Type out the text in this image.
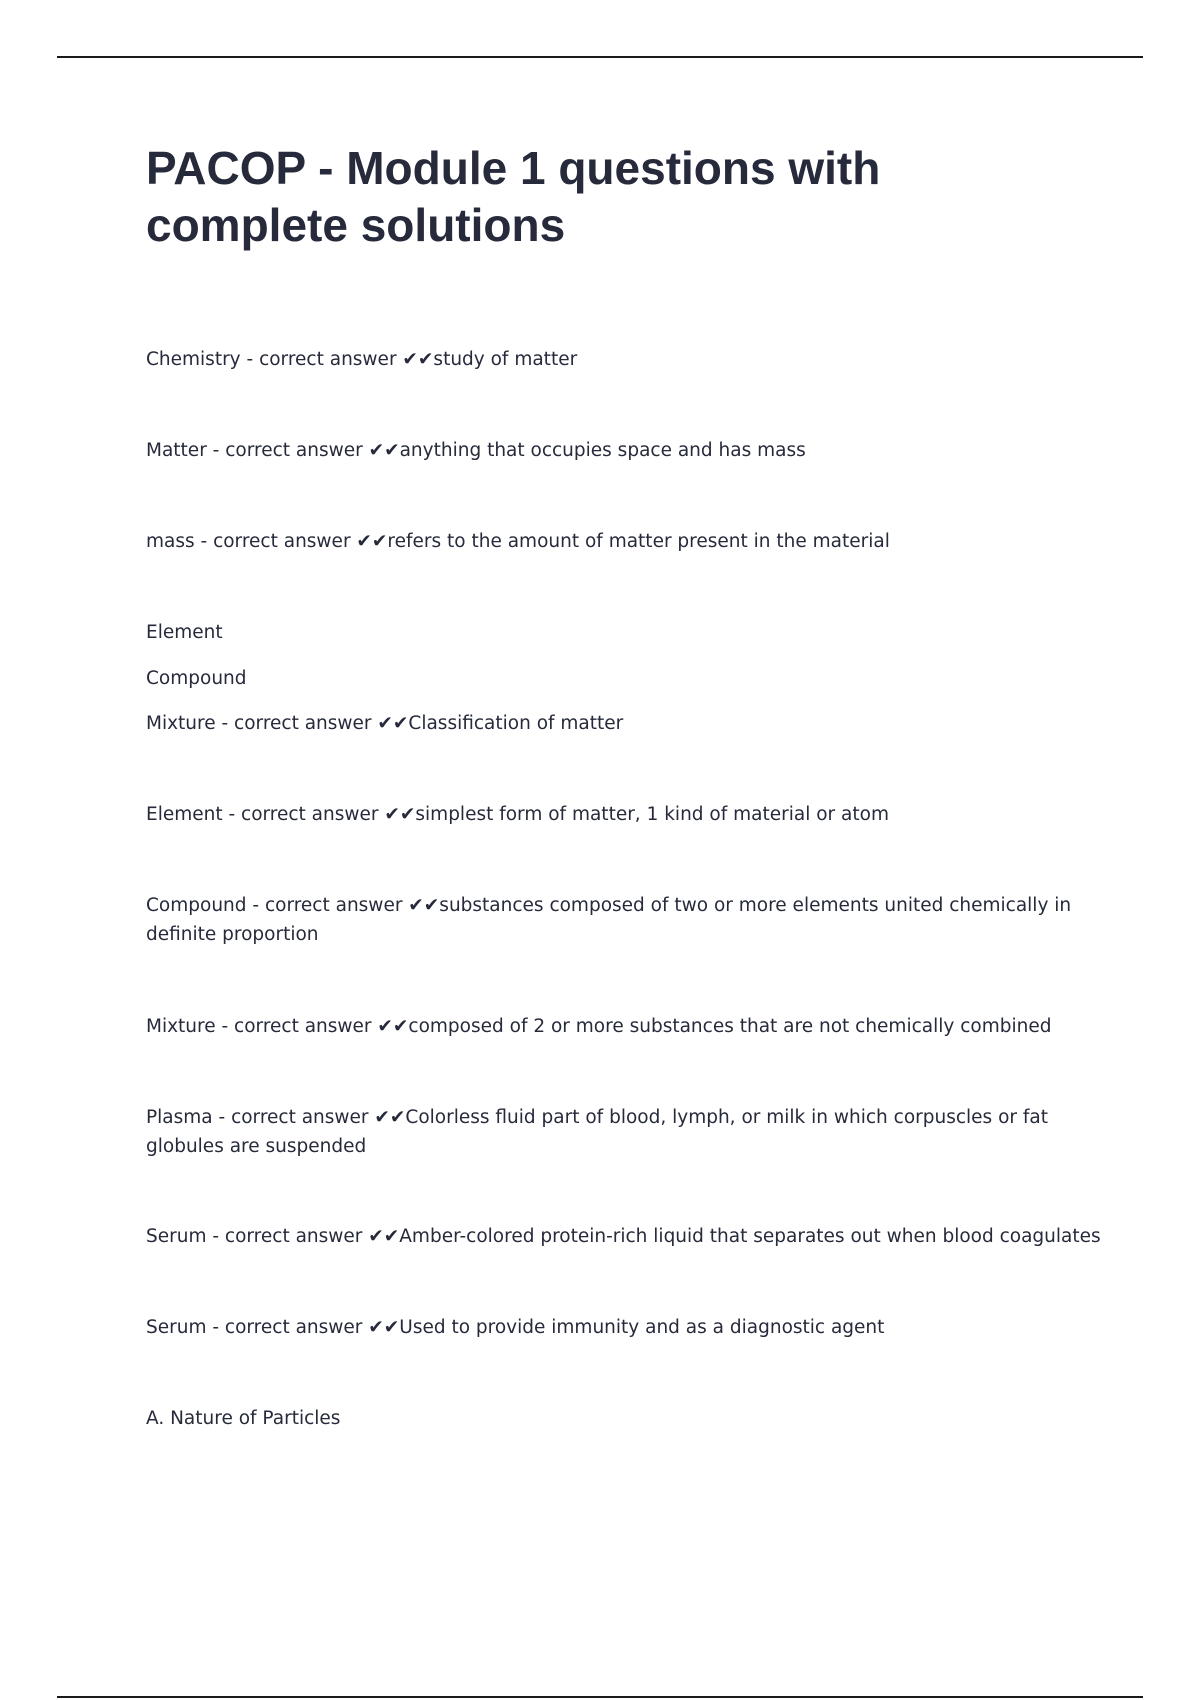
PACOP - Module 1 questions with complete solutions

Chemistry - correct answer ✔✔study of matter

Matter - correct answer ✔✔anything that occupies space and has mass

mass - correct answer ✔✔refers to the amount of matter present in the material

Element

Compound

Mixture - correct answer ✔✔Classification of matter

Element - correct answer ✔✔simplest form of matter, 1 kind of material or atom

Compound - correct answer ✔✔substances composed of two or more elements united chemically in definite proportion

Mixture - correct answer ✔✔composed of 2 or more substances that are not chemically combined

Plasma - correct answer ✔✔Colorless fluid part of blood, lymph, or milk in which corpuscles or fat globules are suspended

Serum - correct answer ✔✔Amber-colored protein-rich liquid that separates out when blood coagulates

Serum - correct answer ✔✔Used to provide immunity and as a diagnostic agent

A. Nature of Particles
